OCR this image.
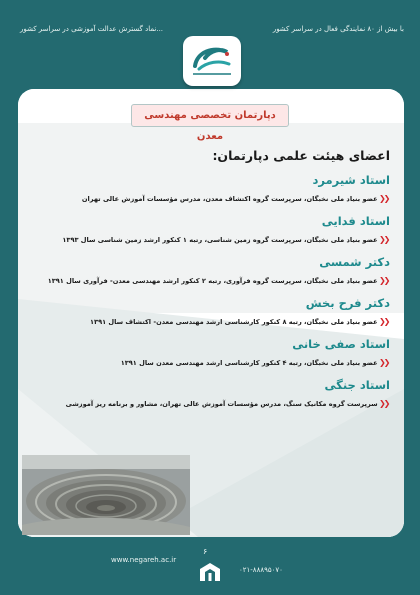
با بیش از ۸۰ نمایندگی فعال در سراسر کشور
نماد گسترش عدالت آموزشی در سراسر کشور...
دپارتمان تخصصی مهندسی معدن
اعضای هیئت علمی دپارتمان:
استاد شیرمرد
❯❯
عضو بنیاد ملی نخبگان، سرپرست گروه اکتشاف معدن، مدرس مؤسسات آموزش عالی تهران
استاد فدایی
❯❯
عضو بنیاد ملی نخبگان، سرپرست گروه زمین شناسی، رتبه ۱ کنکور ارشد زمین شناسی سال ۱۳۹۳
دکتر شمسی
❯❯
عضو بنیاد ملی نخبگان، سرپرست گروه فرآوری، رتبه ۲ کنکور ارشد مهندسی معدن- فرآوری سال ۱۳۹۱
دکتر فرح بخش
❯❯
عضو بنیاد ملی نخبگان، رتبه ۸ کنکور کارشناسی ارشد مهندسی معدن- اکتشاف سال ۱۳۹۱
استاد صفی خانی
❯❯
عضو بنیاد ملی نخبگان، رتبه ۴ کنکور کارشناسی ارشد مهندسی معدن سال ۱۳۹۱
استاد جنگی
❯❯
سرپرست گروه مکانیک سنگ، مدرس مؤسسات آموزش عالی تهران، مشاور و برنامه ریز آموزشی
www.negareh.ac.ir
۶
۰۲۱-۸۸۸۹۵۰۷۰
